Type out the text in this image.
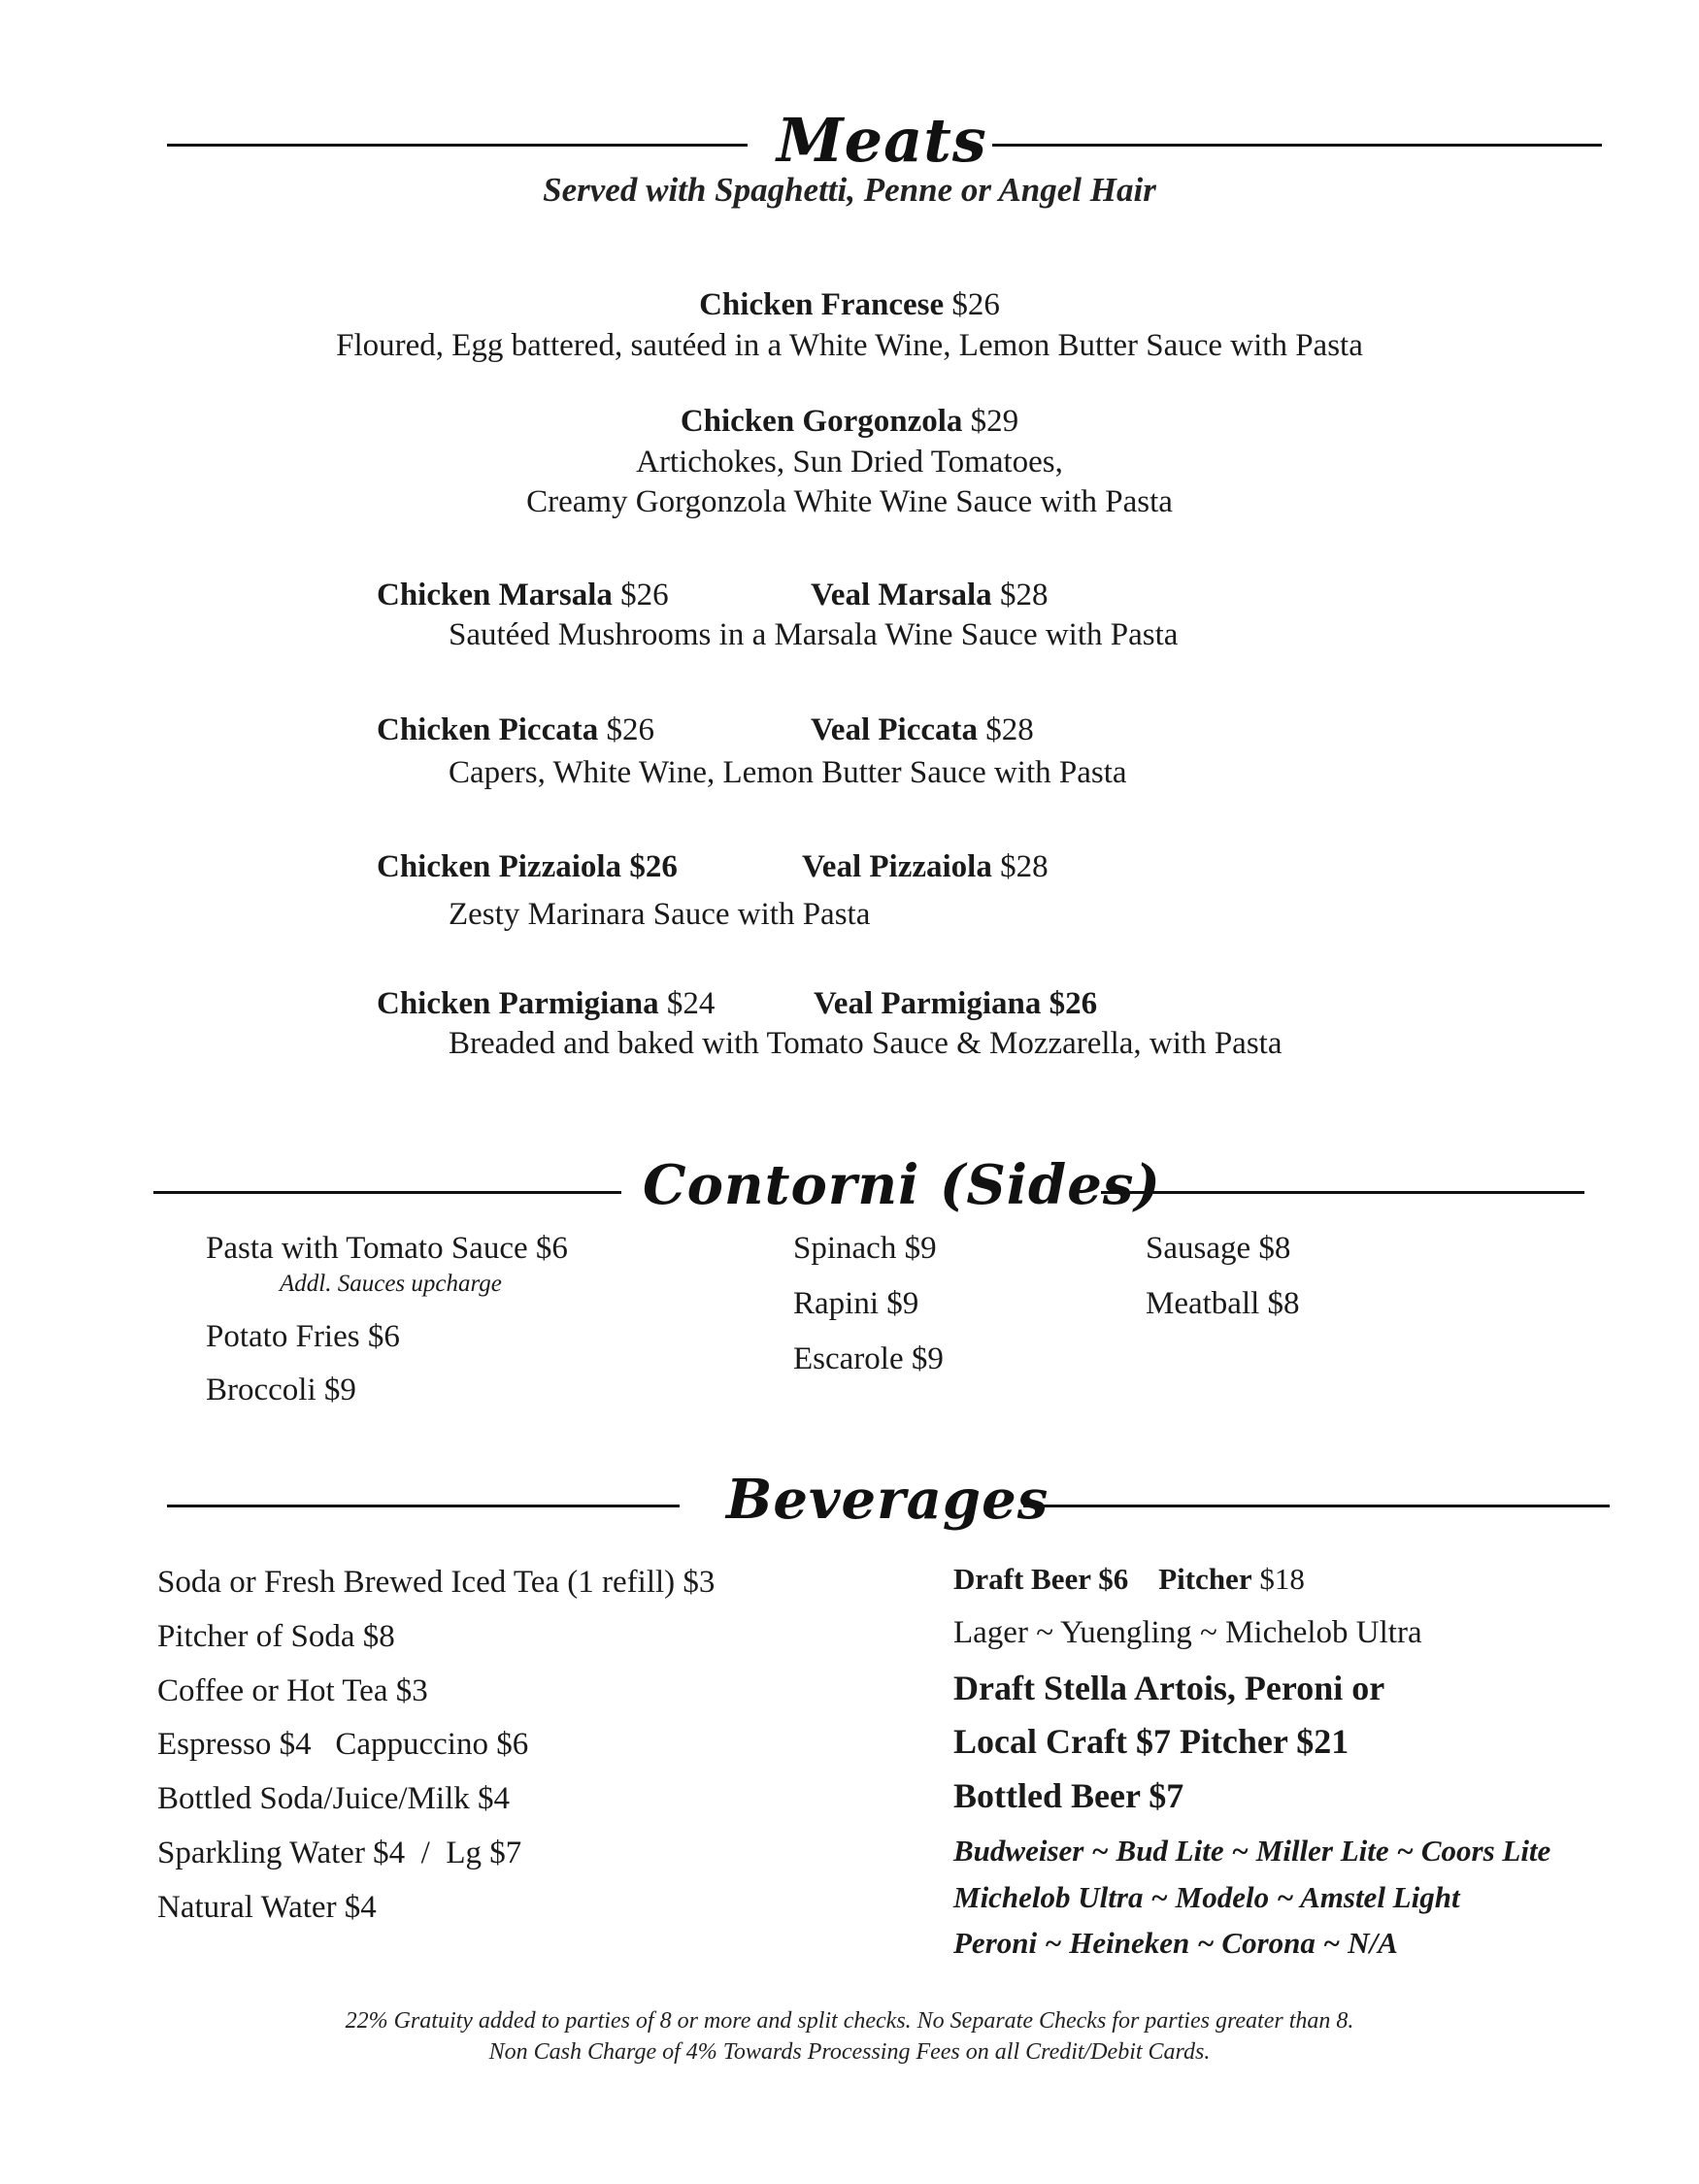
Meats
Served with Spaghetti, Penne or Angel Hair
Chicken Francese $26
Floured, Egg battered, sautéed in a White Wine, Lemon Butter Sauce with Pasta
Chicken Gorgonzola $29
Artichokes, Sun Dried Tomatoes,
Creamy Gorgonzola White Wine Sauce with Pasta
Chicken Marsala $26	Veal Marsala $28
Sautéed Mushrooms in a Marsala Wine Sauce with Pasta
Chicken Piccata $26	Veal Piccata $28
Capers, White Wine, Lemon Butter Sauce with Pasta
Chicken Pizzaiola $26	Veal Pizzaiola $28
Zesty Marinara Sauce with Pasta
Chicken Parmigiana $24	Veal Parmigiana $26
Breaded and baked with Tomato Sauce & Mozzarella, with Pasta
Contorni (Sides)
Pasta with Tomato Sauce $6
Addl. Sauces upcharge
Potato Fries $6
Broccoli $9
Spinach $9
Rapini $9
Escarole $9
Sausage $8
Meatball $8
Beverages
Soda or Fresh Brewed Iced Tea (1 refill) $3
Pitcher of Soda $8
Coffee or Hot Tea $3
Espresso $4   Cappuccino $6
Bottled Soda/Juice/Milk $4
Sparkling Water $4  /  Lg $7
Natural Water $4
Draft Beer $6 Pitcher $18
Lager ~ Yuengling ~ Michelob Ultra
Draft Stella Artois, Peroni or
Local Craft $7 Pitcher $21
Bottled Beer $7
Budweiser ~ Bud Lite ~ Miller Lite ~ Coors Lite
Michelob Ultra ~ Modelo ~ Amstel Light
Peroni ~ Heineken ~ Corona ~ N/A
22% Gratuity added to parties of 8 or more and split checks. No Separate Checks for parties greater than 8.
Non Cash Charge of 4% Towards Processing Fees on all Credit/Debit Cards.
